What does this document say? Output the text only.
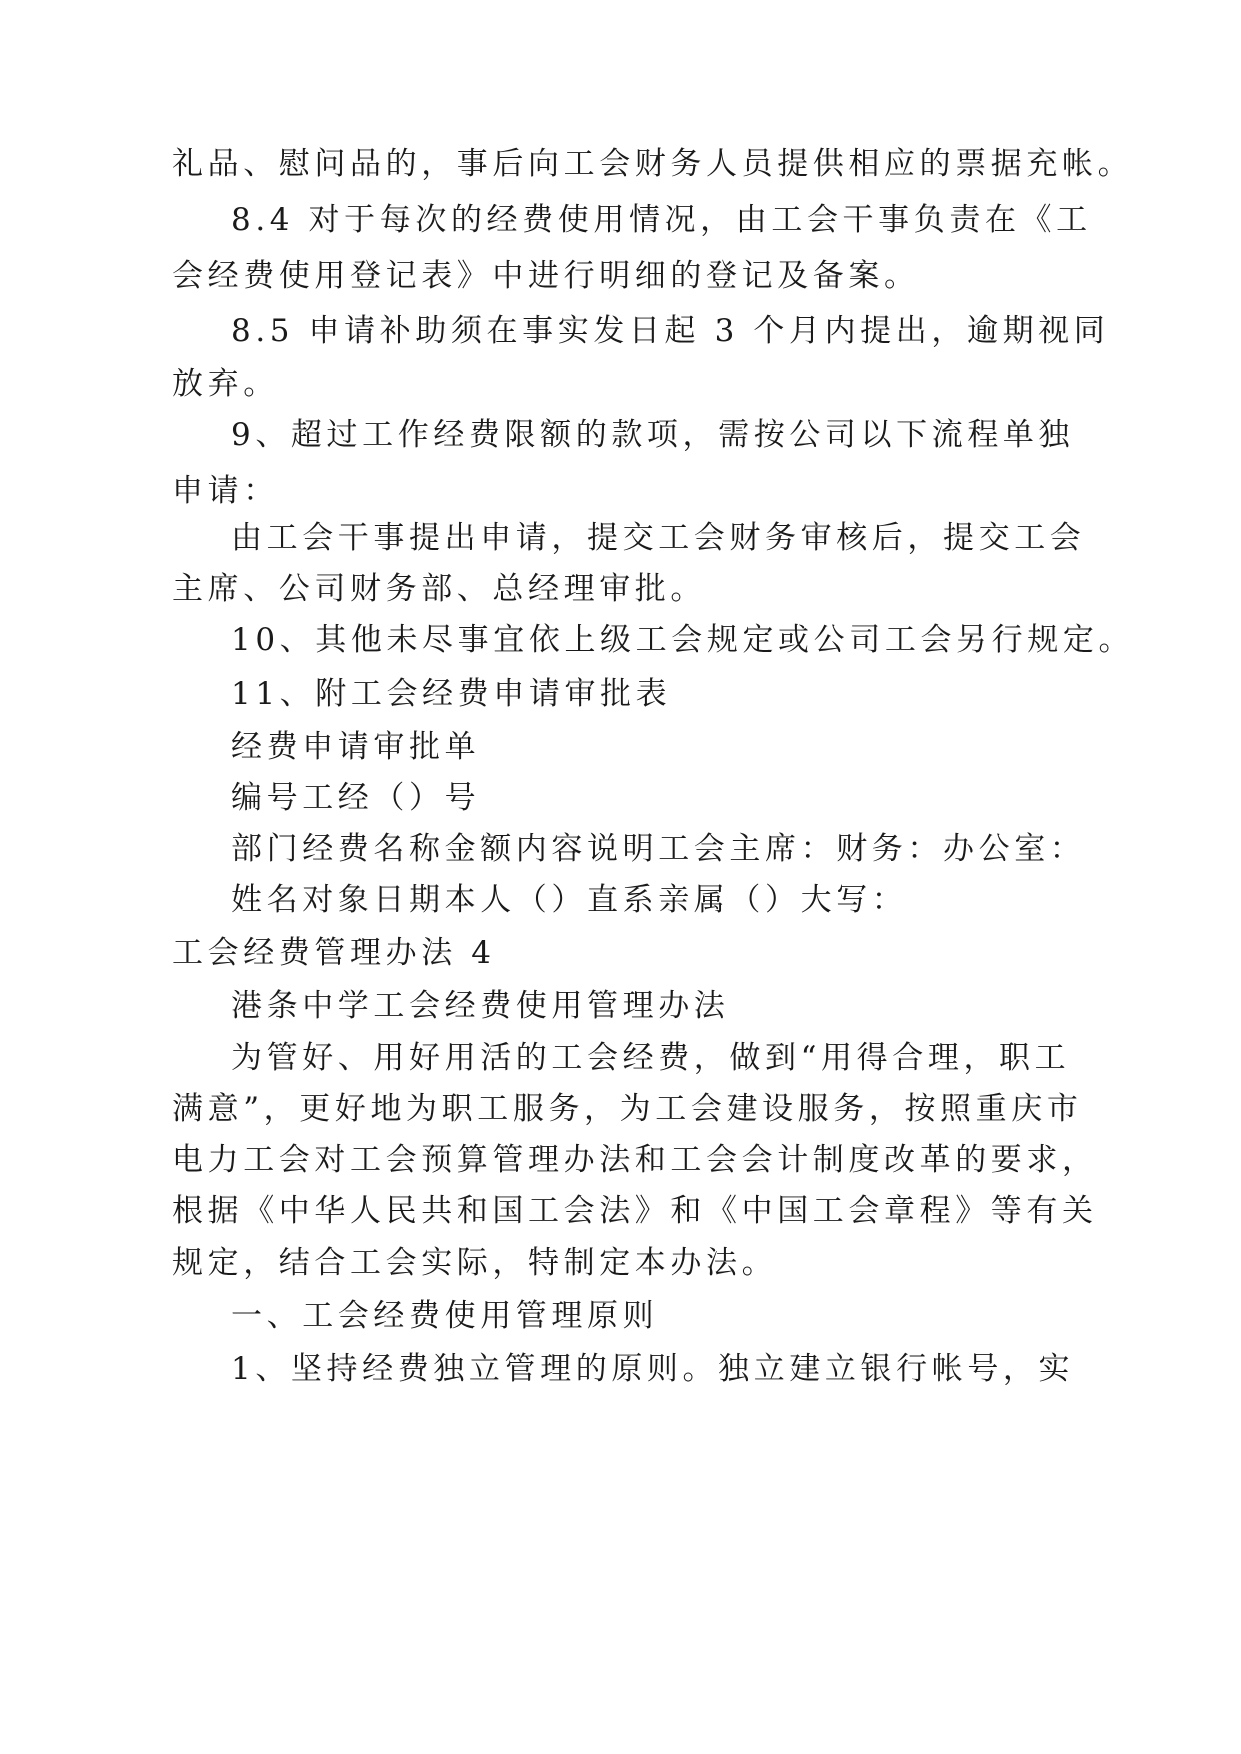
礼品、慰问品的，事后向工会财务人员提供相应的票据充帐。
8.4 对于每次的经费使用情况，由工会干事负责在《工
会经费使用登记表》中进行明细的登记及备案。
8.5 申请补助须在事实发日起 3 个月内提出，逾期视同
放弃。
9、超过工作经费限额的款项，需按公司以下流程单独
申请：
由工会干事提出申请，提交工会财务审核后，提交工会
主席、公司财务部、总经理审批。
10、其他未尽事宜依上级工会规定或公司工会另行规定。
11、附工会经费申请审批表
经费申请审批单
编号工经（）号
部门经费名称金额内容说明工会主席：财务：办公室：
姓名对象日期本人（）直系亲属（）大写：
工会经费管理办法 4
港条中学工会经费使用管理办法
为管好、用好用活的工会经费，做到“用得合理，职工
满意”，更好地为职工服务，为工会建设服务，按照重庆市
电力工会对工会预算管理办法和工会会计制度改革的要求，
根据《中华人民共和国工会法》和《中国工会章程》等有关
规定，结合工会实际，特制定本办法。
一、工会经费使用管理原则
1、坚持经费独立管理的原则。独立建立银行帐号，实
